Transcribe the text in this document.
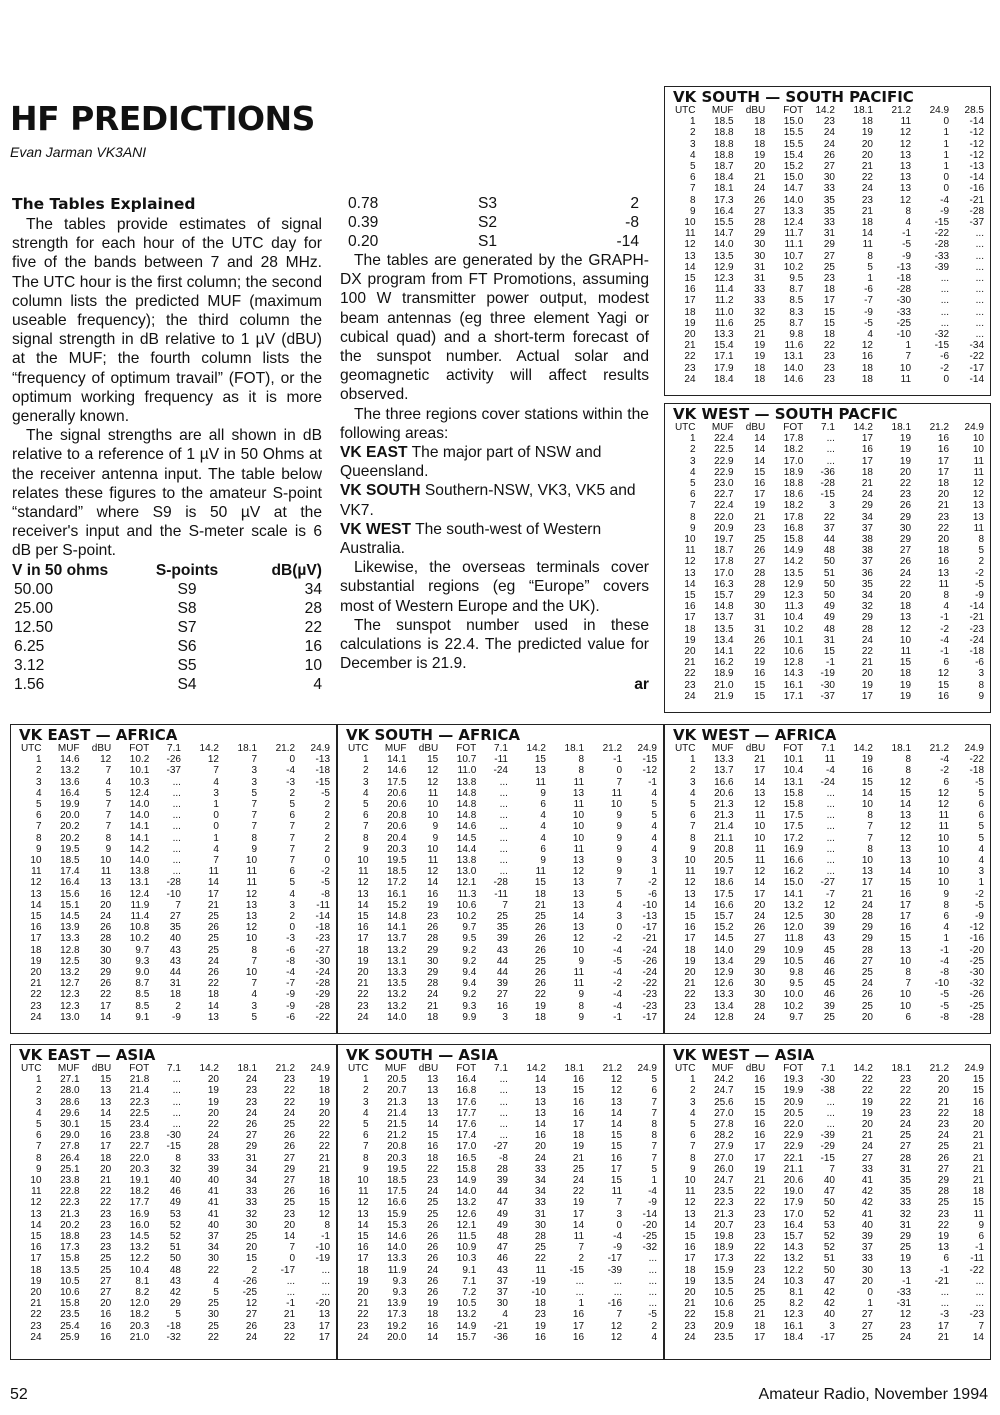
HF PREDICTIONS
Evan Jarman VK3ANI
The Tables Explained

The tables provide estimates of signal strength for each hour of the UTC day for five of the bands between 7 and 28 MHz. The UTC hour is the first column; the second column lists the predicted MUF (maximum useable frequency); the third column the signal strength in dB relative to 1 µV (dBU) at the MUF; the fourth column lists the “frequency of optimum travail” (FOT), or the optimum working frequency as it is more generally known.

The signal strengths are all shown in dB relative to a reference of 1 µV in 50 Ohms at the receiver antenna input. The table below relates these figures to the amateur S-point “standard” where S9 is 50 µV at the receiver's input and the S-meter scale is 6 dB per S-point.

V in 50 ohms	S-points	dB(µV)
50.00	S9	34
25.00	S8	28
12.50	S7	22
6.25	S6	16
3.12	S5	10
1.56	S4	4
0.78	S3	2
0.39	S2	-8
0.20	S1	-14

The tables are generated by the GRAPH-DX program from FT Promotions, assuming 100 W transmitter power output, modest beam antennas (eg three element Yagi or cubical quad) and a short-term forecast of the sunspot number. Actual solar and geomagnetic activity will affect results observed.

The three regions cover stations within the following areas:

VK EAST The major part of NSW and Queensland.

VK SOUTH Southern-NSW, VK3, VK5 and VK7.

VK WEST The south-west of Western Australia.

Likewise, the overseas terminals cover substantial regions (eg “Europe” covers most of Western Europe and the UK).

The sunspot number used in these calculations is 22.4. The predicted value for December is 21.9.

ar
VK SOUTH — SOUTH PACIFIC
UTC	MUF	dBU	FOT	14.2	18.1	21.2	24.9	28.5
1	18.5	18	15.0	23	18	11	0	-14
2	18.8	18	15.5	24	19	12	1	-12
3	18.8	18	15.5	24	20	12	1	-12
4	18.8	19	15.4	26	20	13	1	-12
5	18.7	20	15.2	27	21	13	1	-13
6	18.4	21	15.0	30	22	13	0	-14
7	18.1	24	14.7	33	24	13	0	-16
8	17.3	26	14.0	35	23	12	-4	-21
9	16.4	27	13.3	35	21	8	-9	-28
10	15.5	28	12.4	33	18	4	-15	-37
11	14.7	29	11.7	31	14	-1	-22	...
12	14.0	30	11.1	29	11	-5	-28	...
13	13.5	30	10.7	27	8	-9	-33	...
14	12.9	31	10.2	25	5	-13	-39	...
15	12.3	31	9.5	23	1	-18	...	...
16	11.4	33	8.7	18	-6	-28	...	...
17	11.2	33	8.5	17	-7	-30	...	...
18	11.0	32	8.3	15	-9	-33	...	...
19	11.6	25	8.7	15	-5	-25	...	...
20	13.3	21	9.8	18	4	-10	-32	...
21	15.4	19	11.6	22	12	1	-15	-34
22	17.1	19	13.1	23	16	7	-6	-22
23	17.9	18	14.0	23	18	10	-2	-17
24	18.4	18	14.6	23	18	11	0	-14
VK WEST — SOUTH PACFIC
UTC	MUF	dBU	FOT	7.1	14.2	18.1	21.2	24.9
1	22.4	14	17.8	...	17	19	16	10
2	22.5	14	18.2	...	16	19	16	10
3	22.9	14	17.0	...	17	19	17	11
4	22.9	15	18.9	-36	18	20	17	11
5	23.0	16	18.8	-28	21	22	18	12
6	22.7	17	18.6	-15	24	23	20	12
7	22.4	19	18.2	3	29	26	21	13
8	22.0	21	17.8	22	34	29	23	13
9	20.9	23	16.8	37	37	30	22	11
10	19.7	25	15.8	44	38	29	20	8
11	18.7	26	14.9	48	38	27	18	5
12	17.8	27	14.2	50	37	26	16	2
13	17.0	28	13.5	51	36	24	13	-2
14	16.3	28	12.9	50	35	22	11	-5
15	15.7	29	12.3	50	34	20	8	-9
16	14.8	30	11.3	49	32	18	4	-14
17	13.7	31	10.4	49	29	13	-1	-21
18	13.5	31	10.2	48	28	12	-2	-23
19	13.4	26	10.1	31	24	10	-4	-24
20	14.1	22	10.6	15	22	11	-1	-18
21	16.2	19	12.8	-1	21	15	6	-6
22	18.9	16	14.3	-19	20	18	12	3
23	21.0	15	16.1	-30	19	19	15	8
24	21.9	15	17.1	-37	17	19	16	9
VK EAST — AFRICA
UTC	MUF	dBU	FOT	7.1	14.2	18.1	21.2	24.9
1	14.6	12	10.2	-26	12	7	0	-13
2	13.2	7	10.1	-37	7	3	-4	-18
3	13.6	4	10.3	...	4	3	-3	-15
4	16.4	5	12.4	...	3	5	2	-5
5	19.9	7	14.0	...	1	7	5	2
6	20.0	7	14.0	...	0	7	6	2
7	20.2	7	14.1	...	0	7	7	2
8	20.2	8	14.1	...	1	8	7	2
9	19.5	9	14.2	...	4	9	7	2
10	18.5	10	14.0	...	7	10	7	0
11	17.4	11	13.8	...	11	11	6	-2
12	16.4	13	13.1	-28	14	11	5	-5
13	15.6	16	12.4	-10	17	12	4	-8
14	15.1	20	11.9	7	21	13	3	-11
15	14.5	24	11.4	27	25	13	2	-14
16	13.9	26	10.8	35	26	12	0	-18
17	13.3	28	10.2	40	25	10	-3	-23
18	12.8	30	9.7	43	25	8	-6	-27
19	12.5	30	9.3	43	24	7	-8	-30
20	13.2	29	9.0	44	26	10	-4	-24
21	12.7	26	8.7	31	22	7	-7	-28
22	12.3	22	8.5	18	18	4	-9	-29
23	12.3	17	8.5	2	14	3	-9	-28
24	13.0	14	9.1	-9	13	5	-6	-22
VK SOUTH — AFRICA
UTC	MUF	dBU	FOT	7.1	14.2	18.1	21.2	24.9
1	14.1	15	10.7	-11	15	8	-1	-15
2	14.6	12	11.0	-24	13	8	0	-12
3	17.5	12	13.8	...	11	11	7	-1
4	20.6	11	14.8	...	9	13	11	4
5	20.6	10	14.8	...	6	11	10	5
6	20.8	10	14.8	...	4	10	9	5
7	20.6	9	14.6	...	4	10	9	4
8	20.4	9	14.5	...	4	10	9	4
9	20.3	10	14.4	...	6	11	9	4
10	19.5	11	13.8	...	9	13	9	3
11	18.5	12	13.0	...	11	12	9	1
12	17.2	14	12.1	-28	15	13	7	-2
13	16.1	16	11.3	-11	18	13	5	-6
14	15.2	19	10.6	7	21	13	4	-10
15	14.8	23	10.2	25	25	14	3	-13
16	14.1	26	9.7	35	26	13	0	-17
17	13.7	28	9.5	39	26	12	-2	-21
18	13.2	29	9.2	43	26	10	-4	-24
19	13.1	30	9.2	44	25	9	-5	-26
20	13.3	29	9.4	44	26	11	-4	-24
21	13.5	28	9.4	39	26	11	-2	-22
22	13.2	24	9.2	27	22	9	-4	-23
23	13.2	21	9.3	16	19	8	-4	-23
24	14.0	18	9.9	3	18	9	-1	-17
VK WEST — AFRICA
UTC	MUF	dBU	FOT	7.1	14.2	18.1	21.2	24.9
1	13.3	21	10.1	11	19	8	-4	-22
2	13.7	17	10.4	-4	16	8	-2	-18
3	16.6	14	13.1	-24	15	12	6	-5
4	20.6	13	15.8	...	14	15	12	5
5	21.3	12	15.8	...	10	14	12	6
6	21.3	11	17.5	...	8	13	11	6
7	21.4	10	17.5	...	7	12	11	5
8	21.1	10	17.2	...	7	12	10	5
9	20.8	11	16.9	...	8	13	10	4
10	20.5	11	16.6	...	10	13	10	4
11	19.7	12	16.2	...	13	14	10	3
12	18.6	14	15.0	-27	17	15	10	1
13	17.5	17	14.1	-7	21	16	9	-2
14	16.6	20	13.2	12	24	17	8	-5
15	15.7	24	12.5	30	28	17	6	-9
16	15.2	26	12.0	39	29	16	4	-12
17	14.5	27	11.8	43	29	15	1	-16
18	14.0	29	10.9	45	28	13	-1	-20
19	13.4	29	10.5	46	27	10	-4	-25
20	12.9	30	9.8	46	25	8	-8	-30
21	12.6	30	9.5	45	24	7	-10	-32
22	13.3	30	10.0	46	26	10	-5	-26
23	13.4	28	10.2	39	25	10	-5	-25
24	12.8	24	9.7	25	20	6	-8	-28
VK EAST — ASIA
UTC	MUF	dBU	FOT	7.1	14.2	18.1	21.2	24.9
1	27.1	15	21.8	...	20	24	23	19
2	28.0	13	21.4	...	19	23	22	18
3	28.6	13	22.3	...	19	23	22	19
4	29.6	14	22.5	...	20	24	24	20
5	30.1	15	23.4	...	22	26	25	22
6	29.0	16	23.8	-30	24	27	26	22
7	27.8	17	22.7	-15	28	29	26	22
8	26.4	18	22.0	8	33	31	27	21
9	25.1	20	20.3	32	39	34	29	21
10	23.8	21	19.1	40	40	34	27	18
11	22.8	22	18.2	46	41	33	26	16
12	22.3	22	17.7	49	41	33	25	15
13	21.3	23	16.9	53	41	32	23	12
14	20.2	23	16.0	52	40	30	20	8
15	18.8	23	14.5	52	37	25	14	-1
16	17.3	23	13.2	51	34	20	7	-10
17	15.8	25	12.2	50	30	15	0	-19
18	13.5	25	10.4	48	22	2	-17	...
19	10.5	27	8.1	43	4	-26	...	...
20	10.6	27	8.2	42	5	-25	...	...
21	15.8	20	12.0	29	25	12	-1	-20
22	23.5	16	18.2	5	30	27	21	13
23	25.4	16	20.3	-18	25	26	23	17
24	25.9	16	21.0	-32	22	24	22	17
VK SOUTH — ASIA
UTC	MUF	dBU	FOT	7.1	14.2	18.1	21.2	24.9
1	20.5	13	16.4	...	14	16	12	5
2	20.7	13	16.8	...	13	15	12	6
3	21.3	13	17.6	...	13	16	13	7
4	21.4	13	17.7	...	13	16	14	7
5	21.5	14	17.6	...	14	17	14	8
6	21.2	15	17.4	...	16	18	15	8
7	20.8	16	17.0	-27	20	19	15	7
8	20.3	18	16.5	-8	24	21	16	7
9	19.5	22	15.8	28	33	25	17	5
10	18.5	23	14.9	39	34	24	15	1
11	17.5	24	14.0	44	34	22	11	-4
12	16.6	25	13.2	47	33	19	7	-9
13	15.9	25	12.6	49	31	17	3	-14
14	15.3	26	12.1	49	30	14	0	-20
15	14.6	26	11.5	48	28	11	-4	-25
16	14.0	26	10.9	47	25	7	-9	-32
17	13.3	26	10.3	46	22	2	-17	...
18	11.9	24	9.1	43	11	-15	-39	...
19	9.3	26	7.1	37	-19	...	...	...
20	9.3	26	7.2	37	-10	...	...	...
21	13.9	19	10.5	30	18	1	-16	...
22	17.3	18	13.2	4	23	16	7	-5
23	19.2	16	14.9	-21	19	17	12	2
24	20.0	14	15.7	-36	16	16	12	4
VK WEST — ASIA
UTC	MUF	dBU	FOT	7.1	14.2	18.1	21.2	24.9
1	24.2	16	19.3	-30	22	23	20	15
2	24.7	15	19.9	-38	22	22	20	15
3	25.6	15	20.9	...	19	22	21	16
4	27.0	15	20.5	...	19	23	22	18
5	27.8	16	22.0	...	20	24	23	20
6	28.2	16	22.9	-39	21	25	24	21
7	27.9	17	22.9	-29	24	27	25	21
8	27.0	17	22.1	-15	27	28	26	21
9	26.0	19	21.1	7	33	31	27	21
10	24.7	21	20.6	40	41	35	29	21
11	23.5	22	19.0	47	42	35	28	18
12	22.3	22	17.9	50	42	33	25	15
13	21.3	23	17.0	52	41	32	23	11
14	20.7	23	16.4	53	40	31	22	9
15	19.8	23	15.7	52	39	29	19	6
16	18.9	22	14.3	52	37	25	13	-1
17	17.3	22	13.2	51	33	19	6	-11
18	15.9	23	12.2	50	30	13	-1	-22
19	13.5	24	10.3	47	20	-1	-21	...
20	10.5	25	8.1	42	0	-33	...	...
21	10.6	25	8.2	42	1	-31	...	...
22	15.8	21	12.3	40	27	12	-3	-23
23	20.9	18	16.1	3	27	23	17	7
24	23.5	17	18.4	-17	25	24	21	14
52	Amateur Radio, November 1994
